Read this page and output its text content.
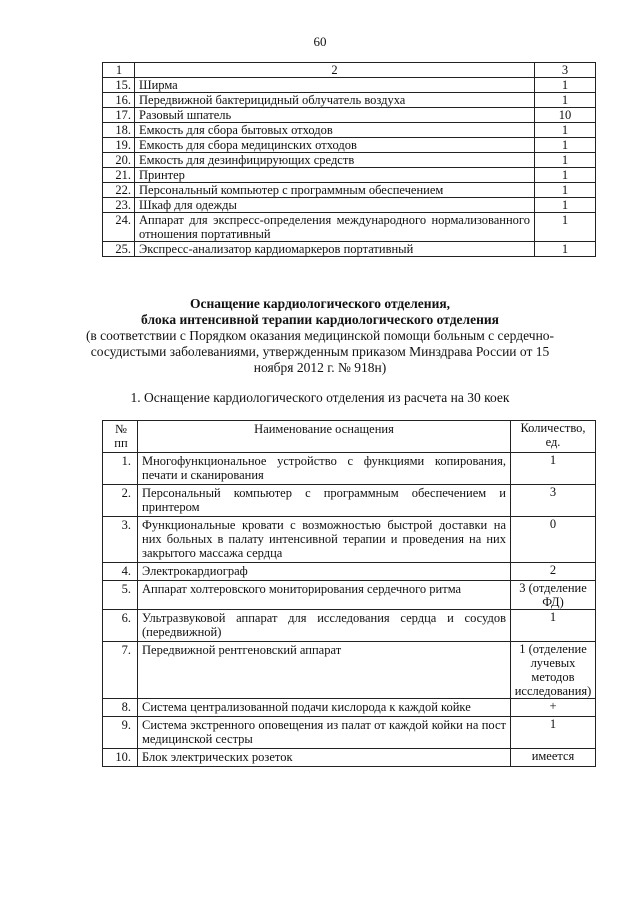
60
1	2	3
15.	Ширма	1
16.	Передвижной бактерицидный облучатель воздуха	1
17.	Разовый шпатель	10
18.	Емкость для сбора бытовых отходов	1
19.	Емкость для сбора медицинских отходов	1
20.	Емкость для дезинфицирующих средств	1
21.	Принтер	1
22.	Персональный компьютер с программным обеспечением	1
23.	Шкаф для одежды	1
24.	Аппарат для экспресс-определения международного нормализованного отношения портативный	1
25.	Экспресс-анализатор кардиомаркеров портативный	1
Оснащение кардиологического отделения,
блока интенсивной терапии кардиологического отделения
(в соответствии с Порядком оказания медицинской помощи больным с сердечно-сосудистыми заболеваниями, утвержденным приказом Минздрава России от 15 ноября 2012 г. № 918н)
1. Оснащение кардиологического отделения из расчета на 30 коек
№ пп	Наименование оснащения	Количество, ед.
1.	Многофункциональное устройство с функциями копирования, печати и сканирования	1
2.	Персональный компьютер с программным обеспечением и принтером	3
3.	Функциональные кровати с возможностью быстрой доставки на них больных в палату интенсивной терапии и проведения на них закрытого массажа сердца	0
4.	Электрокардиограф	2
5.	Аппарат холтеровского мониторирования сердечного ритма	3 (отделение ФД)
6.	Ультразвуковой аппарат для исследования сердца и сосудов (передвижной)	1
7.	Передвижной рентгеновский аппарат	1 (отделение лучевых методов исследования)
8.	Система централизованной подачи кислорода к каждой койке	+
9.	Система экстренного оповещения из палат от каждой койки на пост медицинской сестры	1
10.	Блок электрических розеток	имеется
